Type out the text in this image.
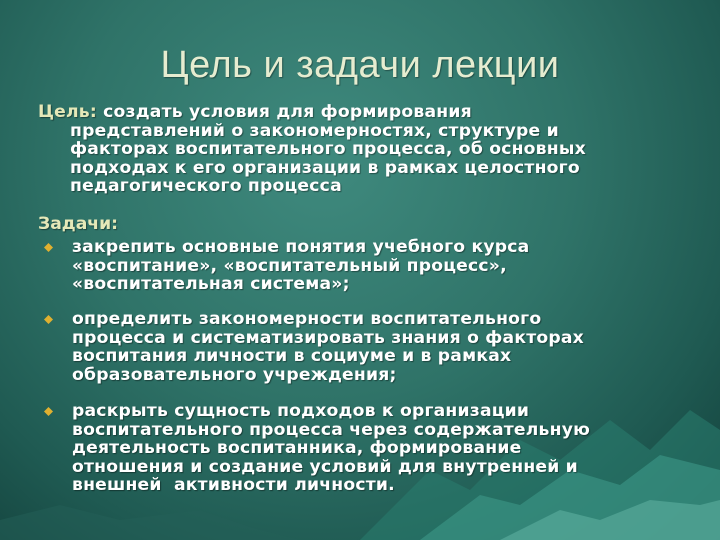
Цель и задачи лекции
Цель: создать условия для формирования
представлений о закономерностях, структуре и
факторах воспитательного процесса, об основных
подходах к его организации в рамках целостного
педагогического процесса
Задачи:
закрепить основные понятия учебного курса
«воспитание», «воспитательный процесс»,
«воспитательная система»;
определить закономерности воспитательного
процесса и систематизировать знания о факторах
воспитания личности в социуме и в рамках
образовательного учреждения;
раскрыть сущность подходов к организации
воспитательного процесса через содержательную
деятельность воспитанника, формирование
отношения и создание условий для внутренней и
внешней  активности личности.
